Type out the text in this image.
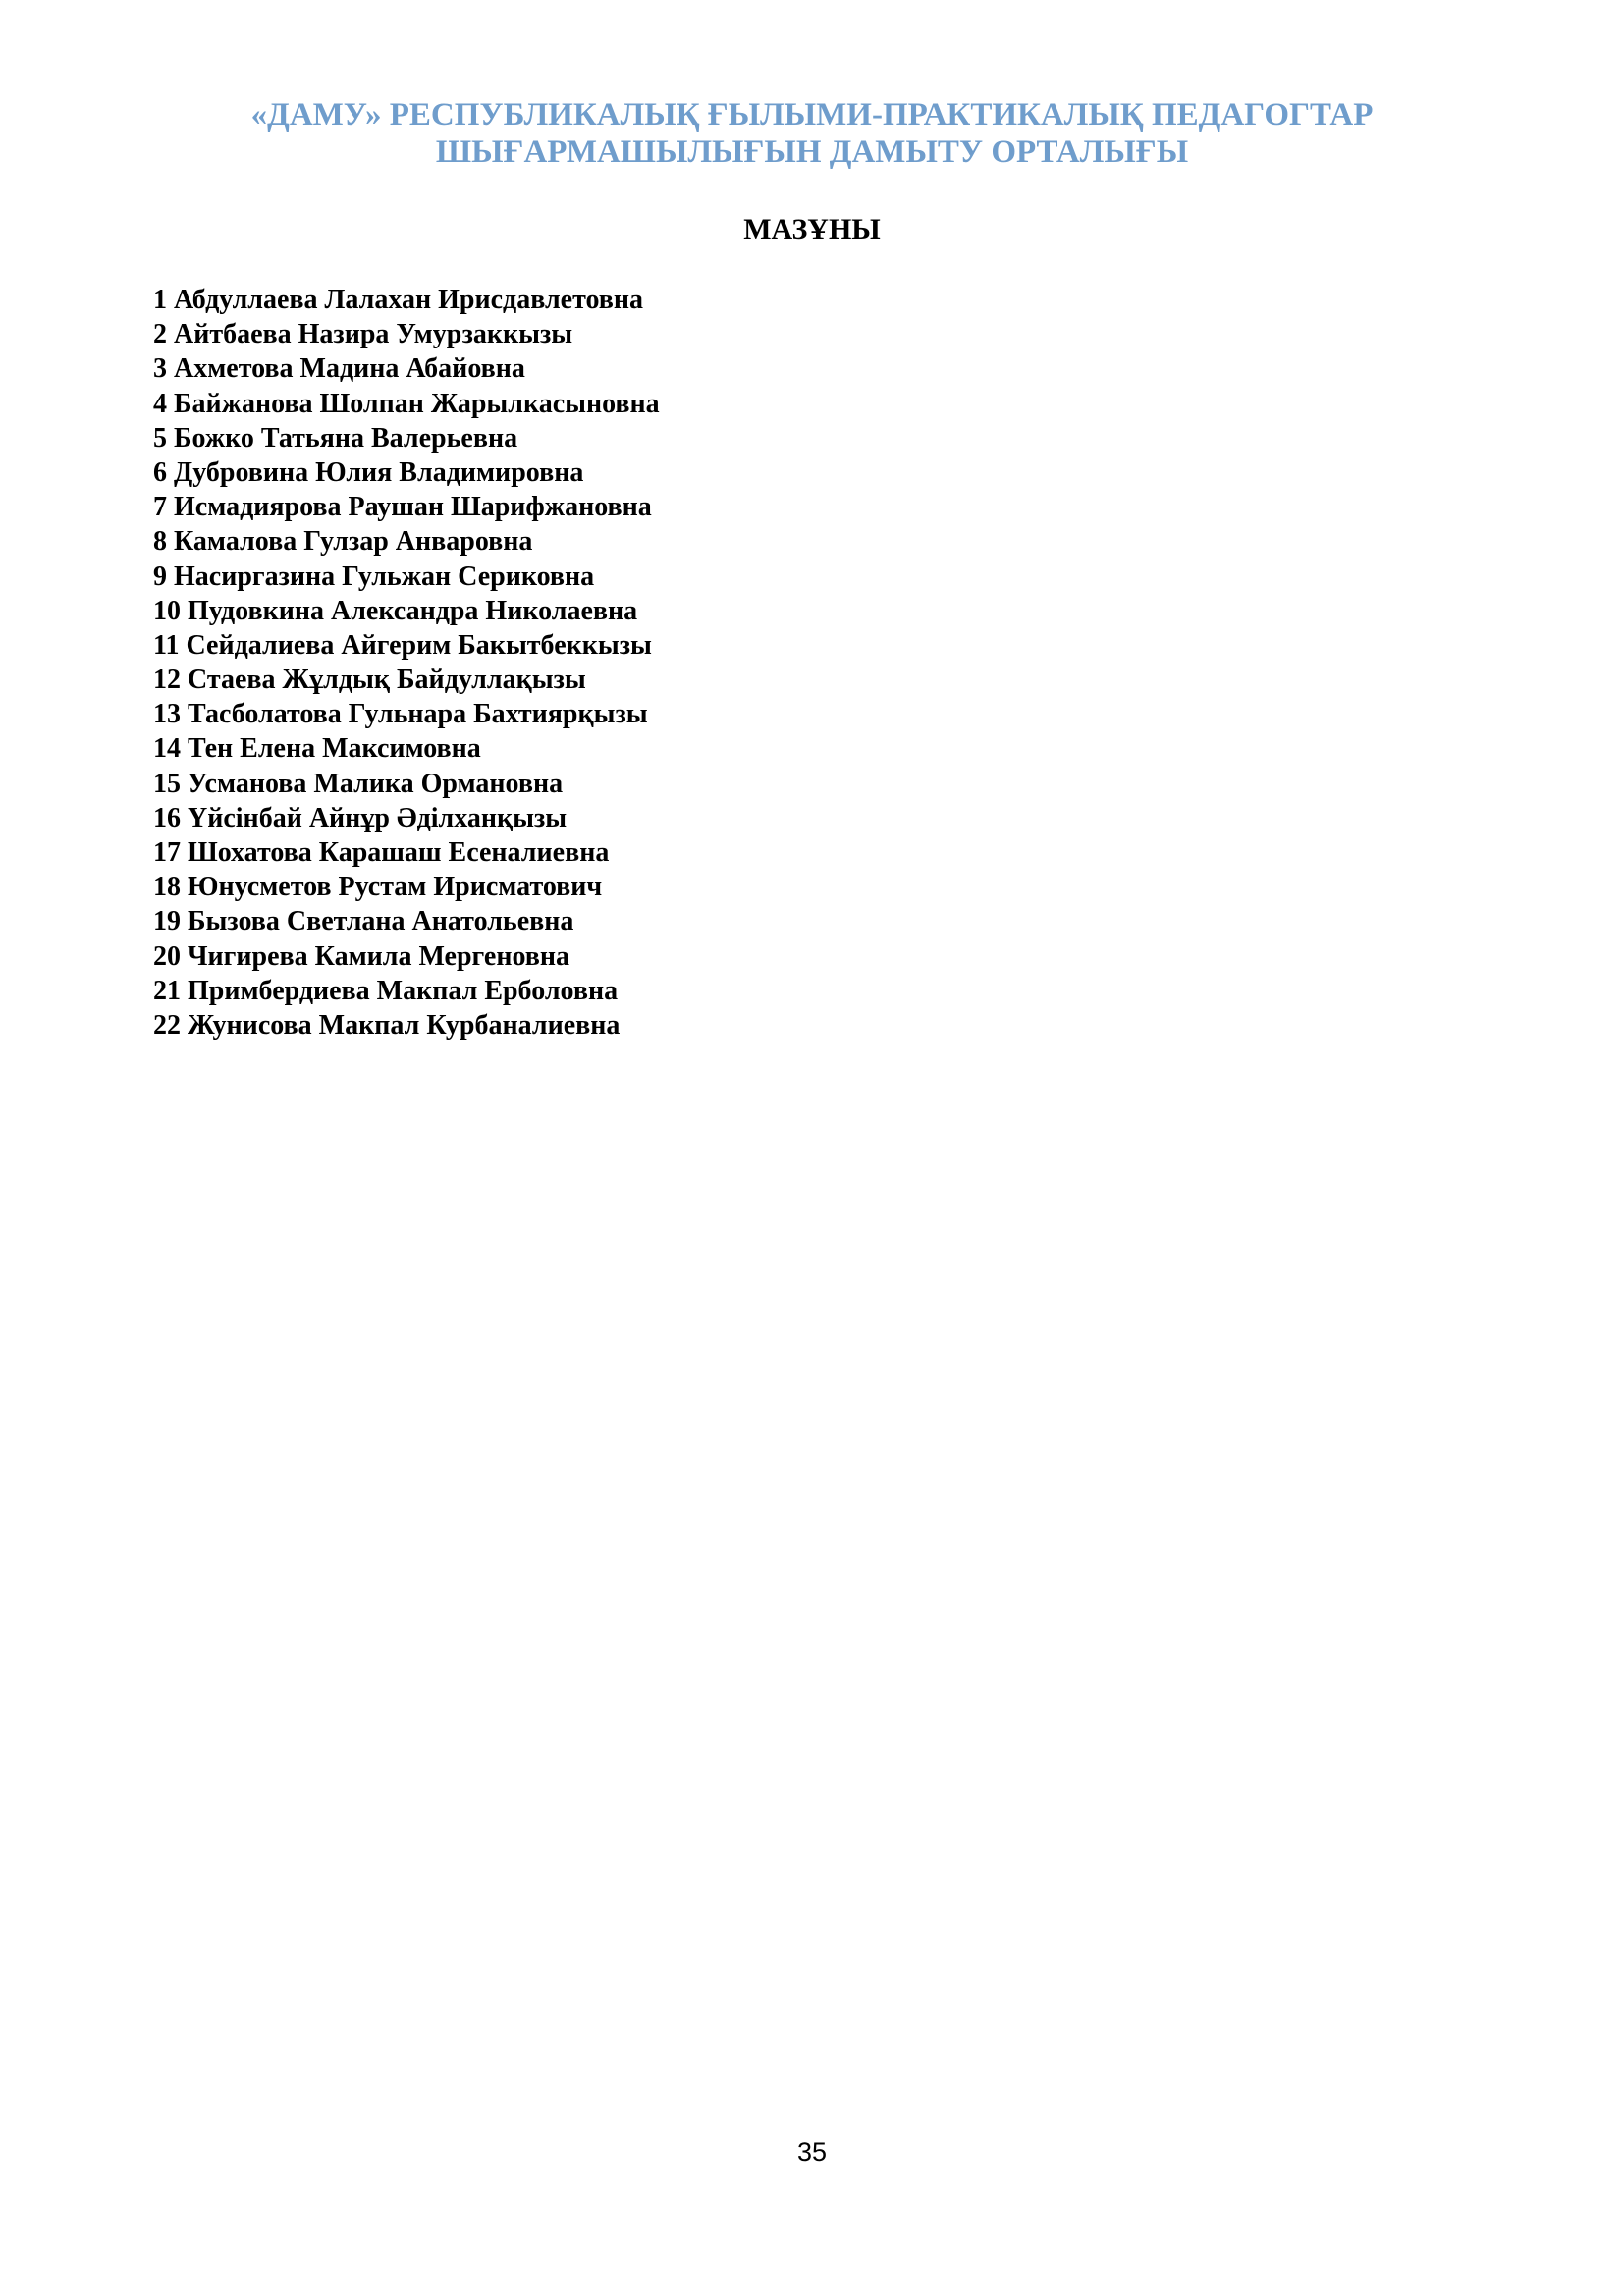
«ДАМУ» РЕСПУБЛИКАЛЫҚ ҒЫЛЫМИ-ПРАКТИКАЛЫҚ ПЕДАГОГТАР
ШЫҒАРМАШЫЛЫҒЫН ДАМЫТУ ОРТАЛЫҒЫ
МАЗҰНЫ
1 Абдуллаева Лалахан Ирисдавлетовна
2 Айтбаева Назира Умурзаккызы
3 Ахметова Мадина Абайовна
4 Байжанова Шолпан Жарылкасыновна
5 Божко Татьяна Валерьевна
6 Дубровина Юлия Владимировна
7 Исмадиярова Раушан Шарифжановна
8 Камалова Гулзар Анваровна
9 Насиргазина Гульжан Сериковна
10 Пудовкина Александра Николаевна
11 Сейдалиева Айгерим Бакытбеккызы
12 Стаева Жұлдық Байдуллақызы
13 Тасболатова Гульнара Бахтиярқызы
14 Тен Елена Максимовна
15 Усманова Малика Ормановна
16 Үйсінбай Айнұр Әділханқызы
17 Шохатова Карашаш Есеналиевна
18 Юнусметов Рустам Ирисматович
19 Бызова Светлана Анатольевна
20 Чигирева Камила Мергеновна
21 Примбердиева Макпал Ерболовна
22 Жунисова Макпал Курбаналиевна
35
